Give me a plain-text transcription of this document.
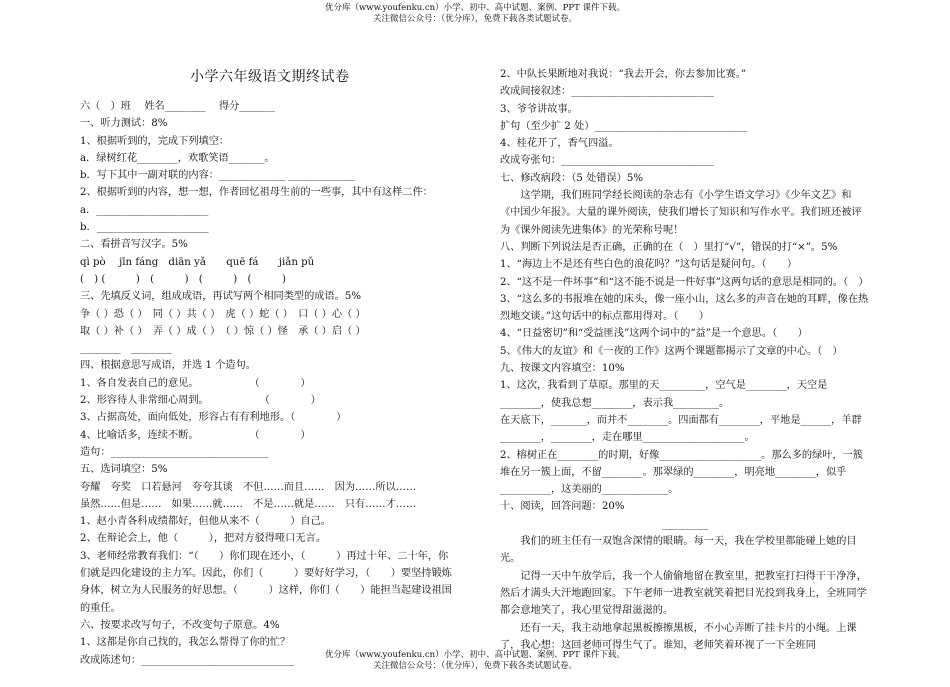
优分库（www.youfenku.cn）小学、初中、高中试题、案例、PPT 课件下载。
关注微信公众号：（优分库），免费下载各类试题试卷。
小学六年级语文期终试卷
六（　）班　 姓名________　 得分_______
一、听力测试：8%
1、根据听到的，完成下列填空：
a．绿树红花________，欢歌笑语_______。
b．写下其中一副对联的内容：_____________ _____________
2、根据听到的内容，想一想，作者回忆祖母生前的一些事，其中有这样二件：
a．______________________
b．______________________
二、看拼音写汉字。5%
qì pò　 jīn fáng　diān yǎ　　quē fá　　jiǎn pǔ
(　) (　　　)　(　　　)　(　　　)　(　　　)
三、先填反义词，组成成语，再试写两个相同类型的成语。5%
争（ ）恐（ ）　同（ ）共（ ）　虎（ ）蛇（ ）　口（ ）心（ ）
取（ ）补（ ）　弄（ ）成（ ）　（ ）惊（ ）怪　承（ ）启（ ）
________　________
四、根据意思写成语，并选 1 个造句。
1、各自发表自己的意见。　　　　　　（　　　　）
2、形容待人非常细心周到。　　　　　　（　　　　）
3、占据高处，面向低处，形容占有有利地形。（　　　　）
4、比喻话多，连续不断。　　　　　　（　　　　）
造句：_______________________________
五、选词填空：5%
夸耀　夸奖　口若悬河　夸夸其谈　不但……而且……　因为……所以……
虽然……但是……　如果……就……　不是……就是……　只有……才……
1、赵小青各科成绩都好，但他从来不（　　　）自己。
2、在辩论会上，他（　　　），把对方驳得哑口无言。
3、老师经常教育我们：“（　　）你们现在还小，（　　　）再过十年、二十年，你们就是四化建设的主力军。因此，你们（　　　）要好好学习，（　　）要坚持锻炼身体，树立为人民服务的好思想。（　　　）这样，你们（　　）能担当起建设祖国的重任。
六、按要求改写句子，不改变句子原意。4%
1、这都是你自己找的，我怎么帮得了你的忙？
改成陈述句：______________________________
2、中队长果断地对我说：“我去开会，你去参加比赛。”
改成间接叙述：____________________________
3、爷爷讲故事。
扩句（至少扩 2 处）______________________________
4、桂花开了，香气四溢。
改成夸张句：______________________________
七、修改病段：（5 处错误）5%
这学期，我们班同学经长阅读的杂志有《小学生语文学习》《少年文艺》和《中国少年报》。大量的课外阅读，使我们增长了知识和写作水平。我们班还被评为《课外阅读先进集体》的光荣称号呢！
八、判断下列说法是否正确，正确的在（　）里打“√”，错误的打“×”。5%
1、“海边上不是还有些白色的浪花吗？”这句话是疑问句。（　　）
2、“这不是一件坏事”和“这不能不说是一件好事”这两句话的意思是相同的。（　）
3、“这么多的书报堆在她的床头，像一座小山，这么多的声音在她的耳畔，像在热烈地交谈。”这句话中的标点都用得对。（　　）
4、“日益密切”和“受益匪浅”这两个词中的“益”是一个意思。（　　）
5、《伟大的友谊》和《一夜的工作》这两个课题都揭示了文章的中心。（　）
九、按课文内容填空：10%
1、这次，我看到了草原。那里的天_________，空气是________，天空是________，使我总想________，表示我_________。
在天底下，_______，而并不________。四面都有________，平地是______，羊群________，________，走在哪里____________________。
2、榕树正在________的时期，好像____________________。那么多的绿叶，一簇堆在另一簇上面，不留________。那翠绿的________，明亮地________，似乎__________，这美丽的_____________。
十、阅读，回答问题：20%
_________
我们的班主任有一双饱含深情的眼睛。每一天，我在学校里都能碰上她的目光。
记得一天中午放学后，我一个人偷偷地留在教室里，把教室打扫得干干净净，然后才满头大汗地跑回家。下午老师一进教室就笑着把目光投到我身上，全班同学都会意地笑了，我心里觉得甜滋滋的。
还有一天，我主动地拿起黑板擦擦黑板，不小心弄断了挂卡片的小绳。上课了，我心想：这回老师可得生气了。谁知，老师笑着环视了一下全班同
优分库（www.youfenku.cn）小学、初中、高中试题、案例、PPT 课件下载。
关注微信公众号：（优分库），免费下载各类试题试卷。
